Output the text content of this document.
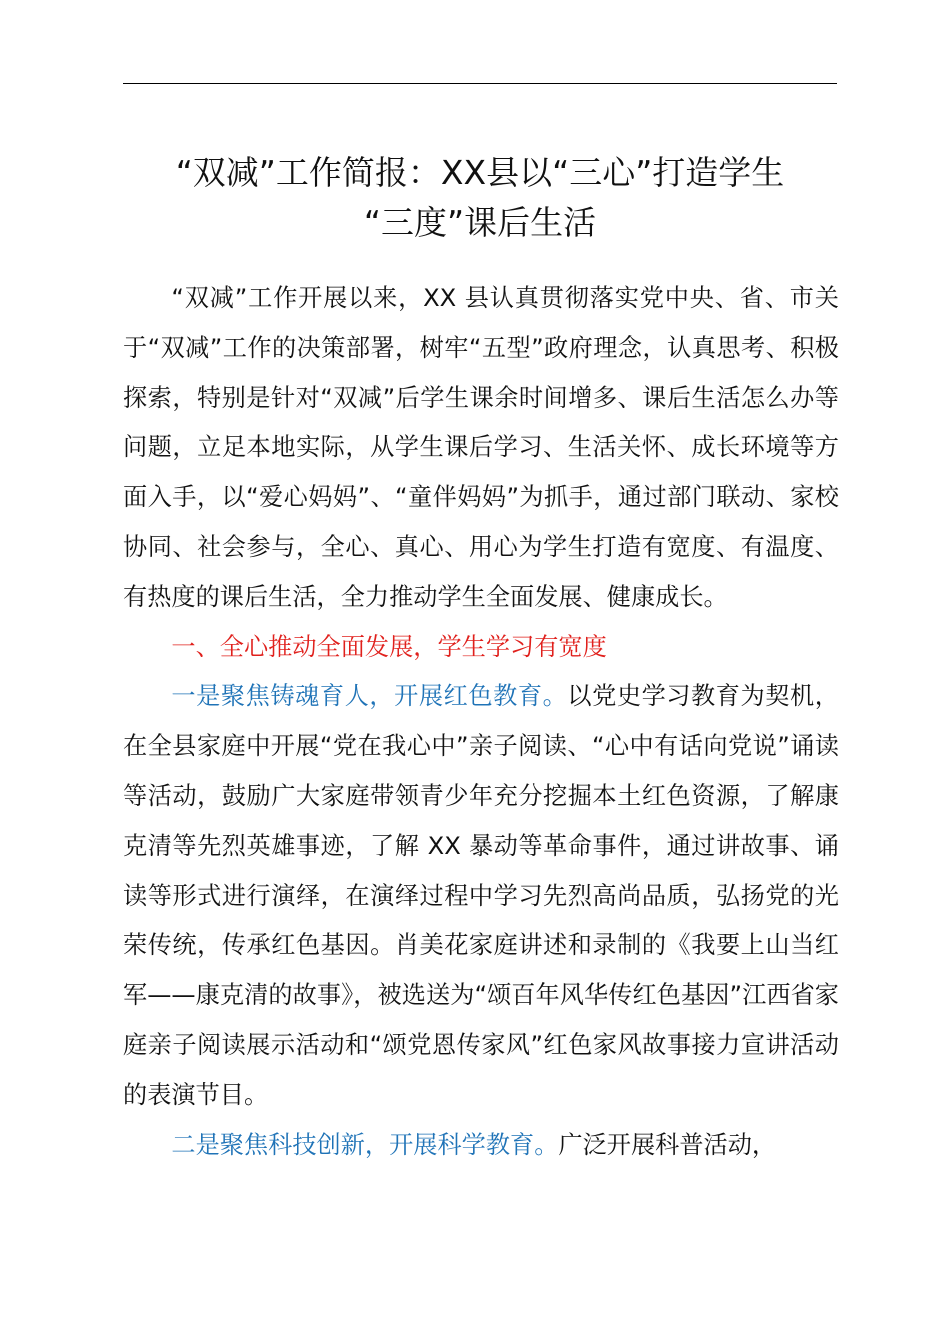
“双减”工作简报：XX县以“三心”打造学生
“三度”课后生活

“双减”工作开展以来，XX 县认真贯彻落实党中央、省、市关于“双减”工作的决策部署，树牢“五型”政府理念，认真思考、积极探索，特别是针对“双减”后学生课余时间增多、课后生活怎么办等问题，立足本地实际，从学生课后学习、生活关怀、成长环境等方面入手，以“爱心妈妈”、“童伴妈妈”为抓手，通过部门联动、家校协同、社会参与，全心、真心、用心为学生打造有宽度、有温度、有热度的课后生活，全力推动学生全面发展、健康成长。

一、全心推动全面发展，学生学习有宽度

一是聚焦铸魂育人，开展红色教育。以党史学习教育为契机，在全县家庭中开展“党在我心中”亲子阅读、“心中有话向党说”诵读等活动，鼓励广大家庭带领青少年充分挖掘本土红色资源，了解康克清等先烈英雄事迹，了解 XX 暴动等革命事件，通过讲故事、诵读等形式进行演绎，在演绎过程中学习先烈高尚品质，弘扬党的光荣传统，传承红色基因。肖美花家庭讲述和录制的《我要上山当红军——康克清的故事》，被选送为“颂百年风华传红色基因”江西省家庭亲子阅读展示活动和“颂党恩传家风”红色家风故事接力宣讲活动的表演节目。

二是聚焦科技创新，开展科学教育。广泛开展科普活动，
